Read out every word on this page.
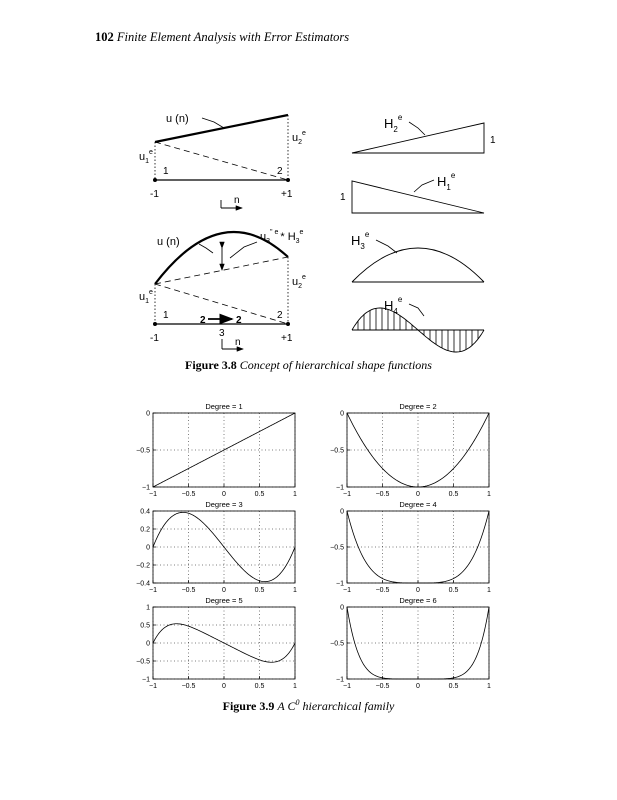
102 Finite Element Analysis with Error Estimators
u (n)
$u_1^e$
$u_2^e$
1	2
-1	+1
n
$H_2^e$
1
$H_1^e$
1
u (n)	$u_3^{" e} * H_3^e$
$u_1^e$
$u_2^e$
1	2	2	2
-1	3	+1
n
$H_3^e$
$H_4^e$
Figure 3.8 Concept of hierarchical shape functions
−1	−0.5	0	0.5	1
0
−0.5
−1
Degree = 1
−1	−0.5	0	0.5	1
0
−0.5
−1
Degree = 2
−1	−0.5	0	0.5	1
0.4
0.2
0
−0.2
−0.4
Degree = 3
−1	−0.5	0	0.5	1
0
−0.5
−1
Degree = 4
−1	−0.5	0	0.5	1
1
0.5
0
−0.5
−1
Degree = 5
−1	−0.5	0	0.5	1
0
−0.5
−1
Degree = 6
Figure 3.9 A $C^0$ hierarchical family
